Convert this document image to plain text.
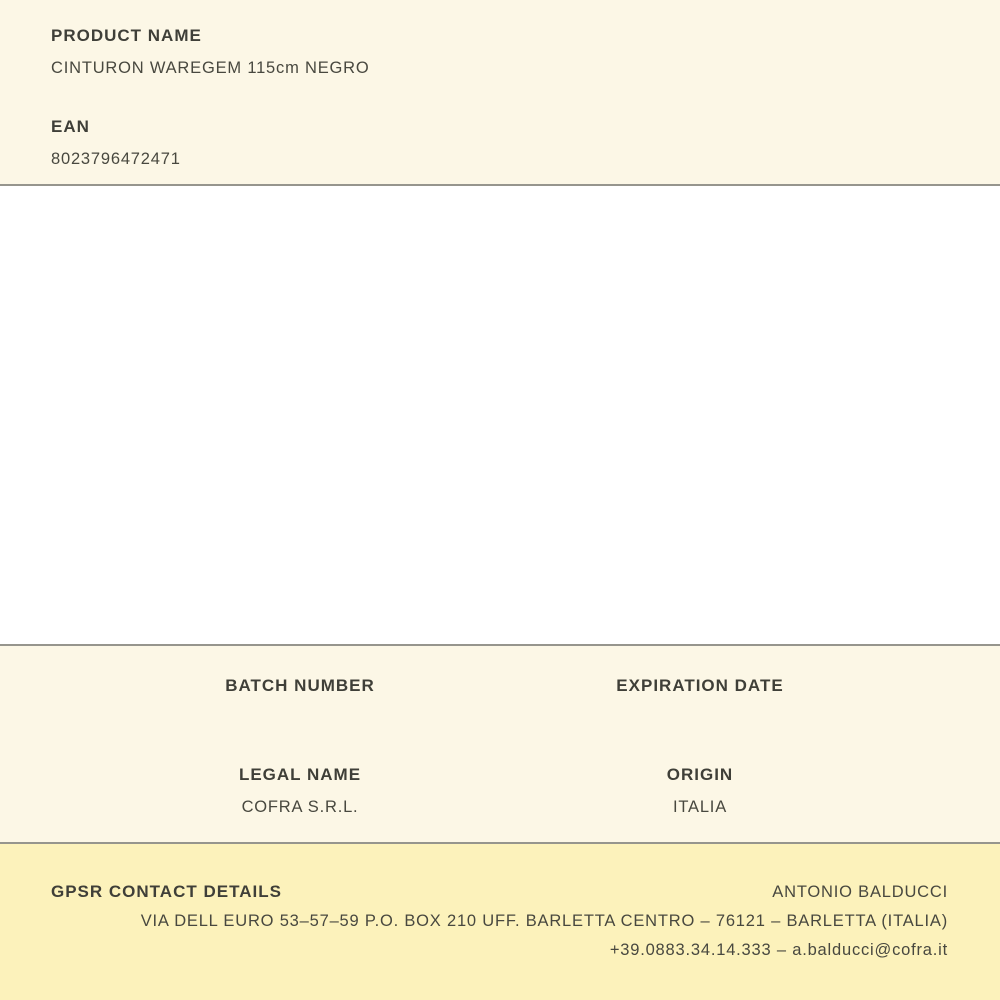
PRODUCT NAME
CINTURON WAREGEM 115cm NEGRO
EAN
8023796472471
BATCH NUMBER	EXPIRATION DATE
LEGAL NAME
COFRA S.R.L.
ORIGIN
ITALIA
GPSR CONTACT DETAILS	ANTONIO BALDUCCI
VIA DELL EURO 53–57–59 P.O. BOX 210 UFF. BARLETTA CENTRO – 76121 – BARLETTA (ITALIA)
+39.0883.34.14.333 – a.balducci@cofra.it
